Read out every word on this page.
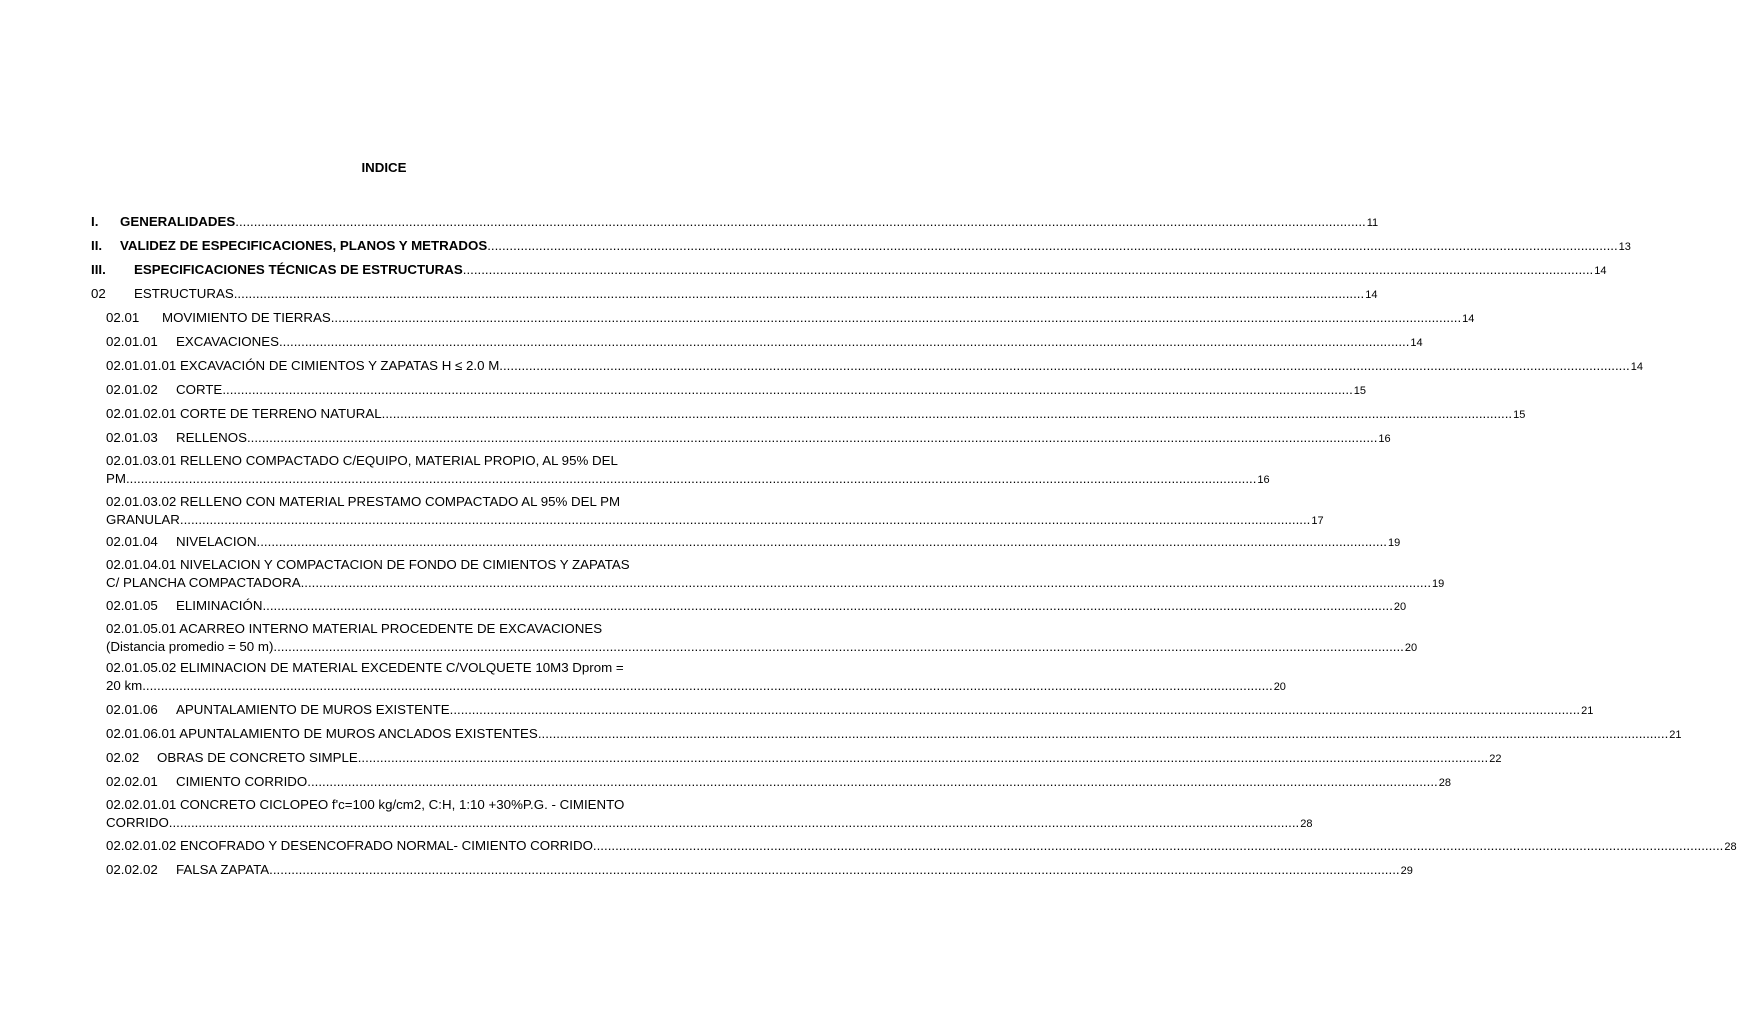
INDICE
I. GENERALIDADES .....	11
II. VALIDEZ DE ESPECIFICACIONES, PLANOS Y METRADOS .....	13
III. ESPECIFICACIONES TÉCNICAS DE ESTRUCTURAS .....	14
02 ESTRUCTURAS .....	14
02.01 MOVIMIENTO DE TIERRAS .....	14
02.01.01 EXCAVACIONES .....	14
02.01.01.01 EXCAVACIÓN DE CIMIENTOS Y ZAPATAS H ≤ 2.0 M .....	14
02.01.02 CORTE .....	15
02.01.02.01 CORTE DE TERRENO NATURAL .....	15
02.01.03 RELLENOS .....	16
02.01.03.01 RELLENO COMPACTADO C/EQUIPO, MATERIAL PROPIO, AL 95% DEL
PM .....	16
02.01.03.02 RELLENO CON MATERIAL PRESTAMO COMPACTADO AL 95% DEL PM
GRANULAR .....	17
02.01.04 NIVELACION .....	19
02.01.04.01 NIVELACION Y COMPACTACION DE FONDO DE CIMIENTOS Y ZAPATAS
C/ PLANCHA COMPACTADORA .....	19
02.01.05 ELIMINACIÓN .....	20
02.01.05.01 ACARREO INTERNO MATERIAL PROCEDENTE DE EXCAVACIONES
(Distancia promedio = 50 m) .....	20
02.01.05.02 ELIMINACION DE MATERIAL EXCEDENTE C/VOLQUETE 10M3 Dprom =
20 km .....	20
02.01.06 APUNTALAMIENTO DE MUROS EXISTENTE .....	21
02.01.06.01 APUNTALAMIENTO DE MUROS ANCLADOS EXISTENTES .....	21
02.02 OBRAS DE CONCRETO SIMPLE .....	22
02.02.01 CIMIENTO CORRIDO .....	28
02.02.01.01 CONCRETO CICLOPEO f'c=100 kg/cm2, C:H, 1:10 +30%P.G. - CIMIENTO
CORRIDO .....	28
02.02.01.02 ENCOFRADO Y DESENCOFRADO NORMAL- CIMIENTO CORRIDO .....	28
02.02.02 FALSA ZAPATA .....	29
